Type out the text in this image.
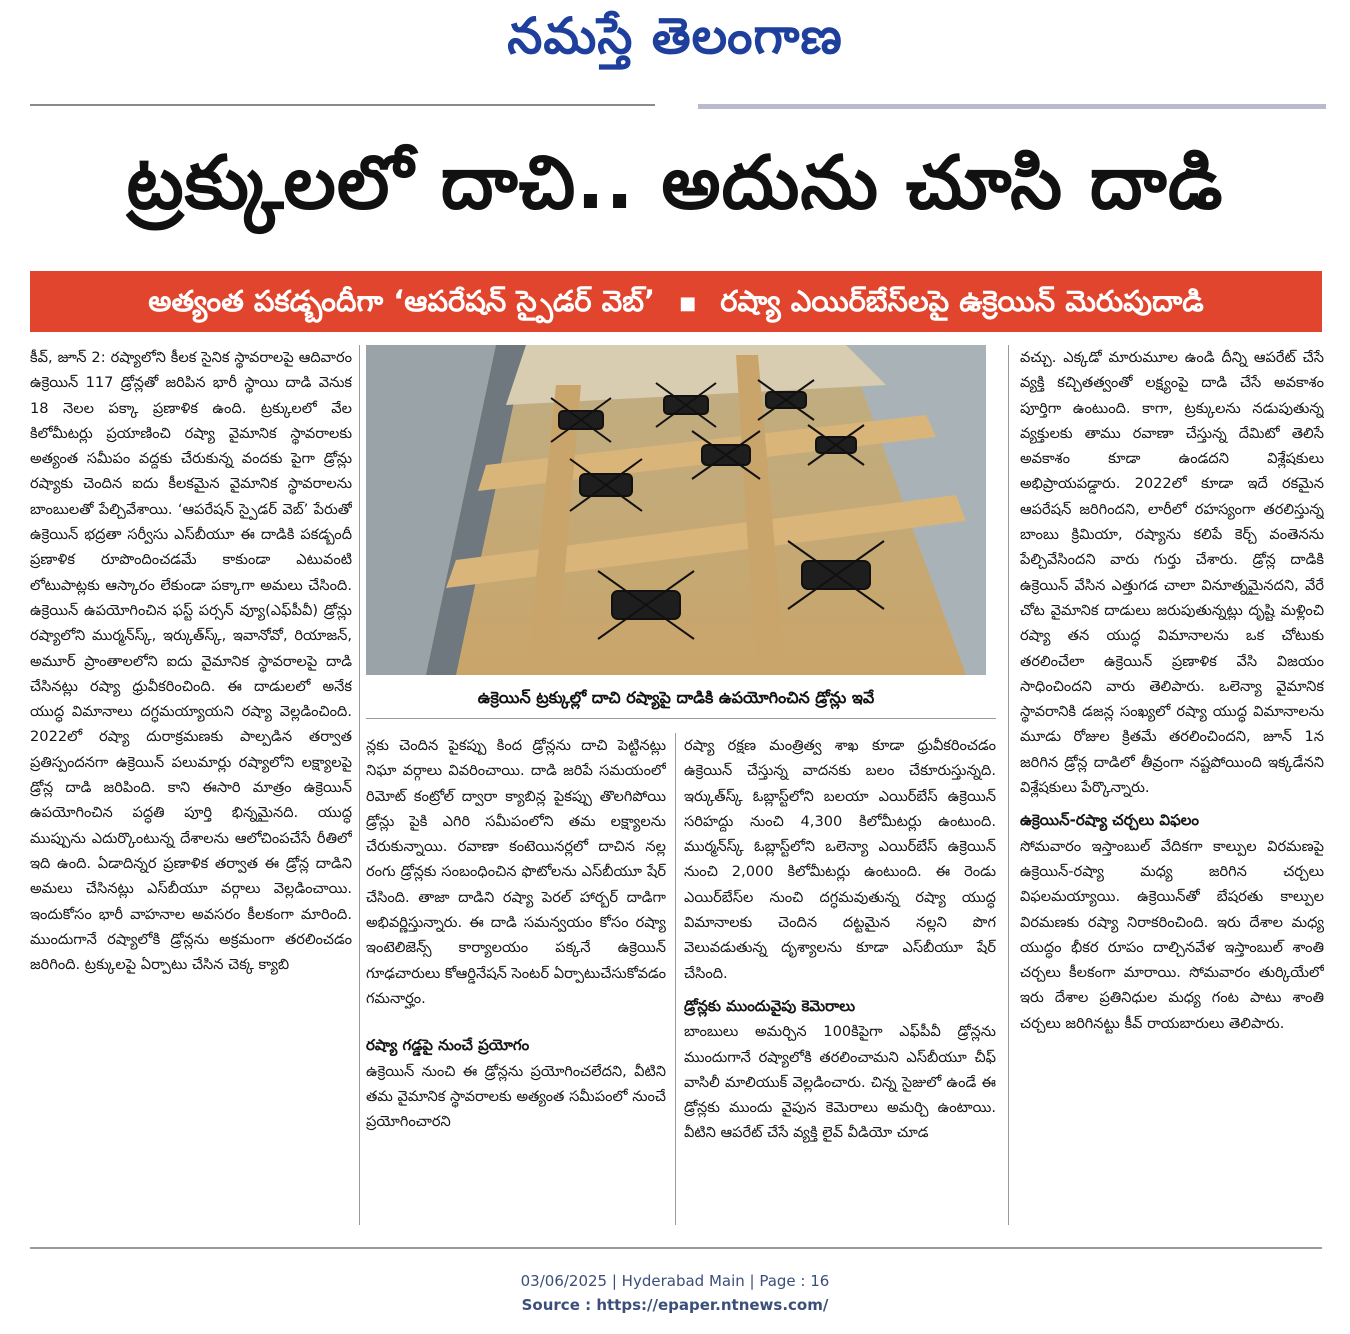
నమస్తే తెలంగాణ
ట్రక్కులలో దాచి.. అదును చూసి దాడి
అత్యంత పకడ్బందీగా ‘ఆపరేషన్ స్పైడర్ వెబ్’ ■ రష్యా ఎయిర్‌బేస్‌లపై ఉక్రెయిన్ మెరుపుదాడి

కీవ్, జూన్ 2: రష్యాలోని కీలక సైనిక స్థావరాలపై ఆదివారం ఉక్రెయిన్ 117 డ్రోన్లతో జరిపిన భారీ స్థాయి దాడి వెనుక 18 నెలల పక్కా ప్రణాళిక ఉంది. ట్రక్కులలో వేల కిలోమీటర్లు ప్రయాణించి రష్యా వైమానిక స్థావరాలకు అత్యంత సమీపం వద్దకు చేరుకున్న వందకు పైగా డ్రోన్లు రష్యాకు చెందిన ఐదు కీలకమైన వైమానిక స్థావరాలను బాంబులతో పేల్చివేశాయి. ‘ఆపరేషన్ స్పైడర్ వెబ్’ పేరుతో ఉక్రెయిన్ భద్రతా సర్వీసు ఎస్‌బీయూ ఈ దాడికి పకడ్బందీ ప్రణాళిక రూపొందించడమే కాకుండా ఎటువంటి లోటుపాట్లకు ఆస్కారం లేకుండా పక్కాగా అమలు చేసింది. ఉక్రెయిన్ ఉపయోగించిన ఫస్ట్ పర్సన్ వ్యూ(ఎఫ్‌పీవీ) డ్రోన్లు రష్యాలోని ముర్మన్‌స్క్, ఇర్కుత్‌స్క్, ఇవానోవో, రియాజన్, అమూర్ ప్రాంతాలలోని ఐదు వైమానిక స్థావరాలపై దాడి చేసినట్లు రష్యా ధ్రువీకరించింది. ఈ దాడులలో అనేక యుద్ధ విమానాలు దగ్ధమయ్యాయని రష్యా వెల్లడించింది. 2022లో రష్యా దురాక్రమణకు పాల్పడిన తర్వాత ప్రతిస్పందనగా ఉక్రెయిన్ పలుమార్లు రష్యాలోని లక్ష్యాలపై డ్రోన్ల దాడి జరిపింది. కాని ఈసారి మాత్రం ఉక్రెయిన్ ఉపయోగించిన పద్ధతి పూర్తి భిన్నమైనది. యుద్ధ ముప్పును ఎదుర్కొంటున్న దేశాలను ఆలోచింపచేసే రీతిలో ఇది ఉంది. ఏడాదిన్నర ప్రణాళిక తర్వాత ఈ డ్రోన్ల దాడిని అమలు చేసినట్లు ఎస్‌బీయూ వర్గాలు వెల్లడించాయి. ఇందుకోసం భారీ వాహనాల అవసరం కీలకంగా మారింది. ముందుగానే రష్యాలోకి డ్రోన్లను అక్రమంగా తరలించడం జరిగింది. ట్రక్కులపై ఏర్పాటు చేసిన చెక్క క్యాబి

ఉక్రెయిన్ ట్రక్కుల్లో దాచి రష్యాపై దాడికి ఉపయోగించిన డ్రోన్లు ఇవే

న్లకు చెందిన పైకప్పు కింద డ్రోన్లను దాచి పెట్టినట్లు నిఘా వర్గాలు వివరించాయి. దాడి జరిపే సమయంలో రిమోట్ కంట్రోల్ ద్వారా క్యాబిన్ల పైకప్పు తొలగిపోయి డ్రోన్లు పైకి ఎగిరి సమీపంలోని తమ లక్ష్యాలను చేరుకున్నాయి. రవాణా కంటెయినర్లలో దాచిన నల్ల రంగు డ్రోన్లకు సంబంధించిన ఫొటోలను ఎస్‌బీయూ షేర్ చేసింది. తాజా దాడిని రష్యా పెరల్ హార్బర్ దాడిగా అభివర్ణిస్తున్నారు. ఈ దాడి సమన్వయం కోసం రష్యా ఇంటెలిజెన్స్ కార్యాలయం పక్కనే ఉక్రెయిన్ గూఢచారులు కోఆర్డినేషన్ సెంటర్ ఏర్పాటుచేసుకోవడం గమనార్హం.

రష్యా గడ్డపై నుంచే ప్రయోగం

ఉక్రెయిన్ నుంచి ఈ డ్రోన్లను ప్రయోగించలేదని, వీటిని తమ వైమానిక స్థావరాలకు అత్యంత సమీపంలో నుంచే ప్రయోగించారని

రష్యా రక్షణ మంత్రిత్వ శాఖ కూడా ధ్రువీకరించడం ఉక్రెయిన్ చేస్తున్న వాదనకు బలం చేకూరుస్తున్నది. ఇర్కుత్‌స్క్ ఓబ్లాస్ట్‌లోని బలయా ఎయిర్‌బేస్ ఉక్రెయిన్ సరిహద్దు నుంచి 4,300 కిలోమీటర్లు ఉంటుంది. ముర్మన్‌స్క్ ఓబ్లాస్ట్‌లోని ఒలెన్యా ఎయిర్‌బేస్ ఉక్రెయిన్ నుంచి 2,000 కిలోమీటర్లు ఉంటుంది. ఈ రెండు ఎయిర్‌బేస్‌ల నుంచి దగ్ధమవుతున్న రష్యా యుద్ధ విమానాలకు చెందిన దట్టమైన నల్లని పొగ వెలువడుతున్న దృశ్యాలను కూడా ఎస్‌బీయూ షేర్ చేసింది.

డ్రోన్లకు ముందువైపు కెమెరాలు

బాంబులు అమర్చిన 100కిపైగా ఎఫ్‌పీవీ డ్రోన్లను ముందుగానే రష్యాలోకి తరలించామని ఎస్‌బీయూ చీఫ్ వాసిలీ మాలియుక్ వెల్లడించారు. చిన్న సైజులో ఉండే ఈ డ్రోన్లకు ముందు వైపున కెమెరాలు అమర్చి ఉంటాయి. వీటిని ఆపరేట్ చేసే వ్యక్తి లైవ్ వీడియో చూడ

వచ్చు. ఎక్కడో మారుమూల ఉండి దీన్ని ఆపరేట్ చేసే వ్యక్తి కచ్చితత్వంతో లక్ష్యంపై దాడి చేసే అవకాశం పూర్తిగా ఉంటుంది. కాగా, ట్రక్కులను నడుపుతున్న వ్యక్తులకు తాము రవాణా చేస్తున్న దేమిటో తెలిసే అవకాశం కూడా ఉండదని విశ్లేషకులు అభిప్రాయపడ్డారు. 2022లో కూడా ఇదే రకమైన ఆపరేషన్ జరిగిందని, లారీలో రహస్యంగా తరలిస్తున్న బాంబు క్రిమియా, రష్యాను కలిపే కెర్చ్ వంతెనను పేల్చివేసిందని వారు గుర్తు చేశారు. డ్రోన్ల దాడికి ఉక్రెయిన్ వేసిన ఎత్తుగడ చాలా వినూత్నమైనదని, వేరే చోట వైమానిక దాడులు జరుపుతున్నట్లు దృష్టి మళ్లించి రష్యా తన యుద్ధ విమానాలను ఒక చోటుకు తరలించేలా ఉక్రెయిన్ ప్రణాళిక వేసి విజయం సాధించిందని వారు తెలిపారు. ఒలెన్యా వైమానిక స్థావరానికి డజన్ల సంఖ్యలో రష్యా యుద్ధ విమానాలను మూడు రోజుల క్రితమే తరలించిందని, జూన్ 1న జరిగిన డ్రోన్ల దాడిలో తీవ్రంగా నష్టపోయింది ఇక్కడేనని విశ్లేషకులు పేర్కొన్నారు.

ఉక్రెయిన్-రష్యా చర్చలు విఫలం

సోమవారం ఇస్తాంబుల్ వేదికగా కాల్పుల విరమణపై ఉక్రెయిన్-రష్యా మధ్య జరిగిన చర్చలు విఫలమయ్యాయి. ఉక్రెయిన్‌తో బేషరతు కాల్పుల విరమణకు రష్యా నిరాకరించింది. ఇరు దేశాల మధ్య యుద్ధం భీకర రూపం దాల్చినవేళ ఇస్తాంబుల్ శాంతి చర్చలు కీలకంగా మారాయి. సోమవారం తుర్కియేలో ఇరు దేశాల ప్రతినిధుల మధ్య గంట పాటు శాంతి చర్చలు జరిగినట్టు కీవ్ రాయబారులు తెలిపారు.

03/06/2025 | Hyderabad Main | Page : 16
Source : https://epaper.ntnews.com/
